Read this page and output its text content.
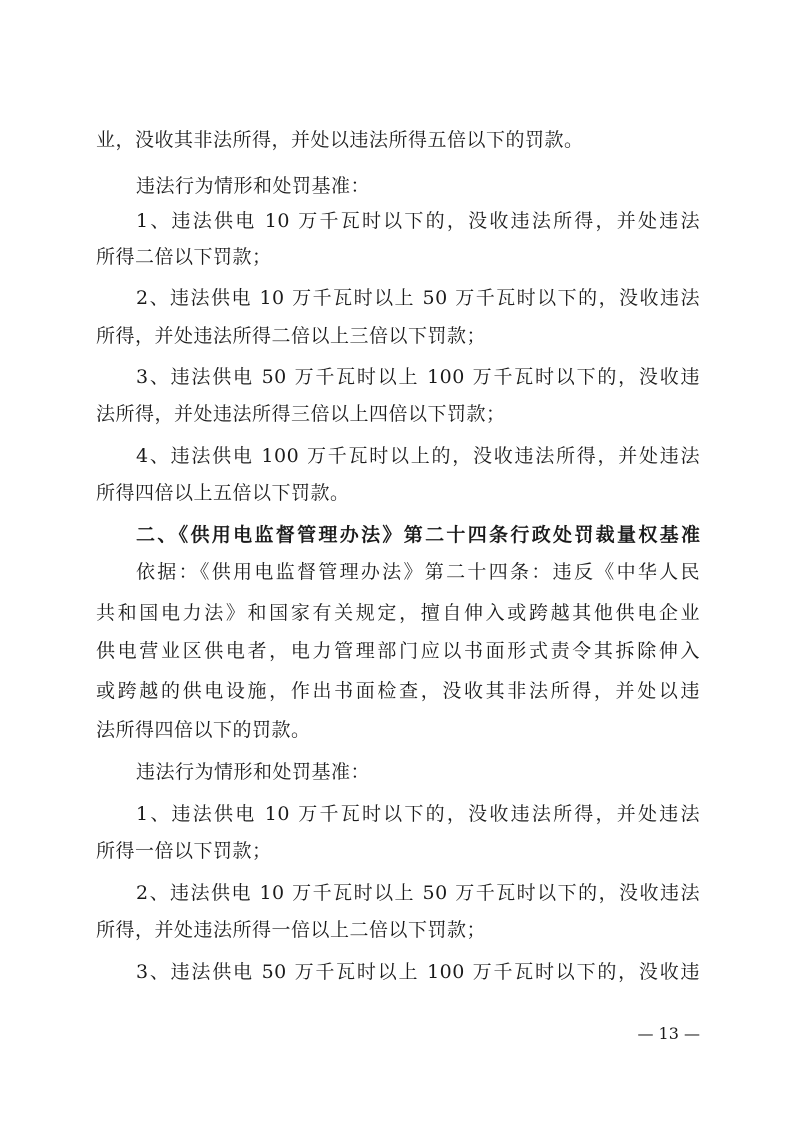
业，没收其非法所得，并处以违法所得五倍以下的罚款。
违法行为情形和处罚基准：
1、违法供电 10 万千瓦时以下的，没收违法所得，并处违法
所得二倍以下罚款；
2、违法供电 10 万千瓦时以上 50 万千瓦时以下的，没收违法
所得，并处违法所得二倍以上三倍以下罚款；
3、违法供电 50 万千瓦时以上 100 万千瓦时以下的，没收违
法所得，并处违法所得三倍以上四倍以下罚款；
4、违法供电 100 万千瓦时以上的，没收违法所得，并处违法
所得四倍以上五倍以下罚款。
二、《供用电监督管理办法》第二十四条行政处罚裁量权基准
依据：《供用电监督管理办法》第二十四条：违反《中华人民
共和国电力法》和国家有关规定，擅自伸入或跨越其他供电企业
供电营业区供电者，电力管理部门应以书面形式责令其拆除伸入
或跨越的供电设施，作出书面检查，没收其非法所得，并处以违
法所得四倍以下的罚款。
违法行为情形和处罚基准：
1、违法供电 10 万千瓦时以下的，没收违法所得，并处违法
所得一倍以下罚款；
2、违法供电 10 万千瓦时以上 50 万千瓦时以下的，没收违法
所得，并处违法所得一倍以上二倍以下罚款；
3、违法供电 50 万千瓦时以上 100 万千瓦时以下的，没收违
— 13 —
